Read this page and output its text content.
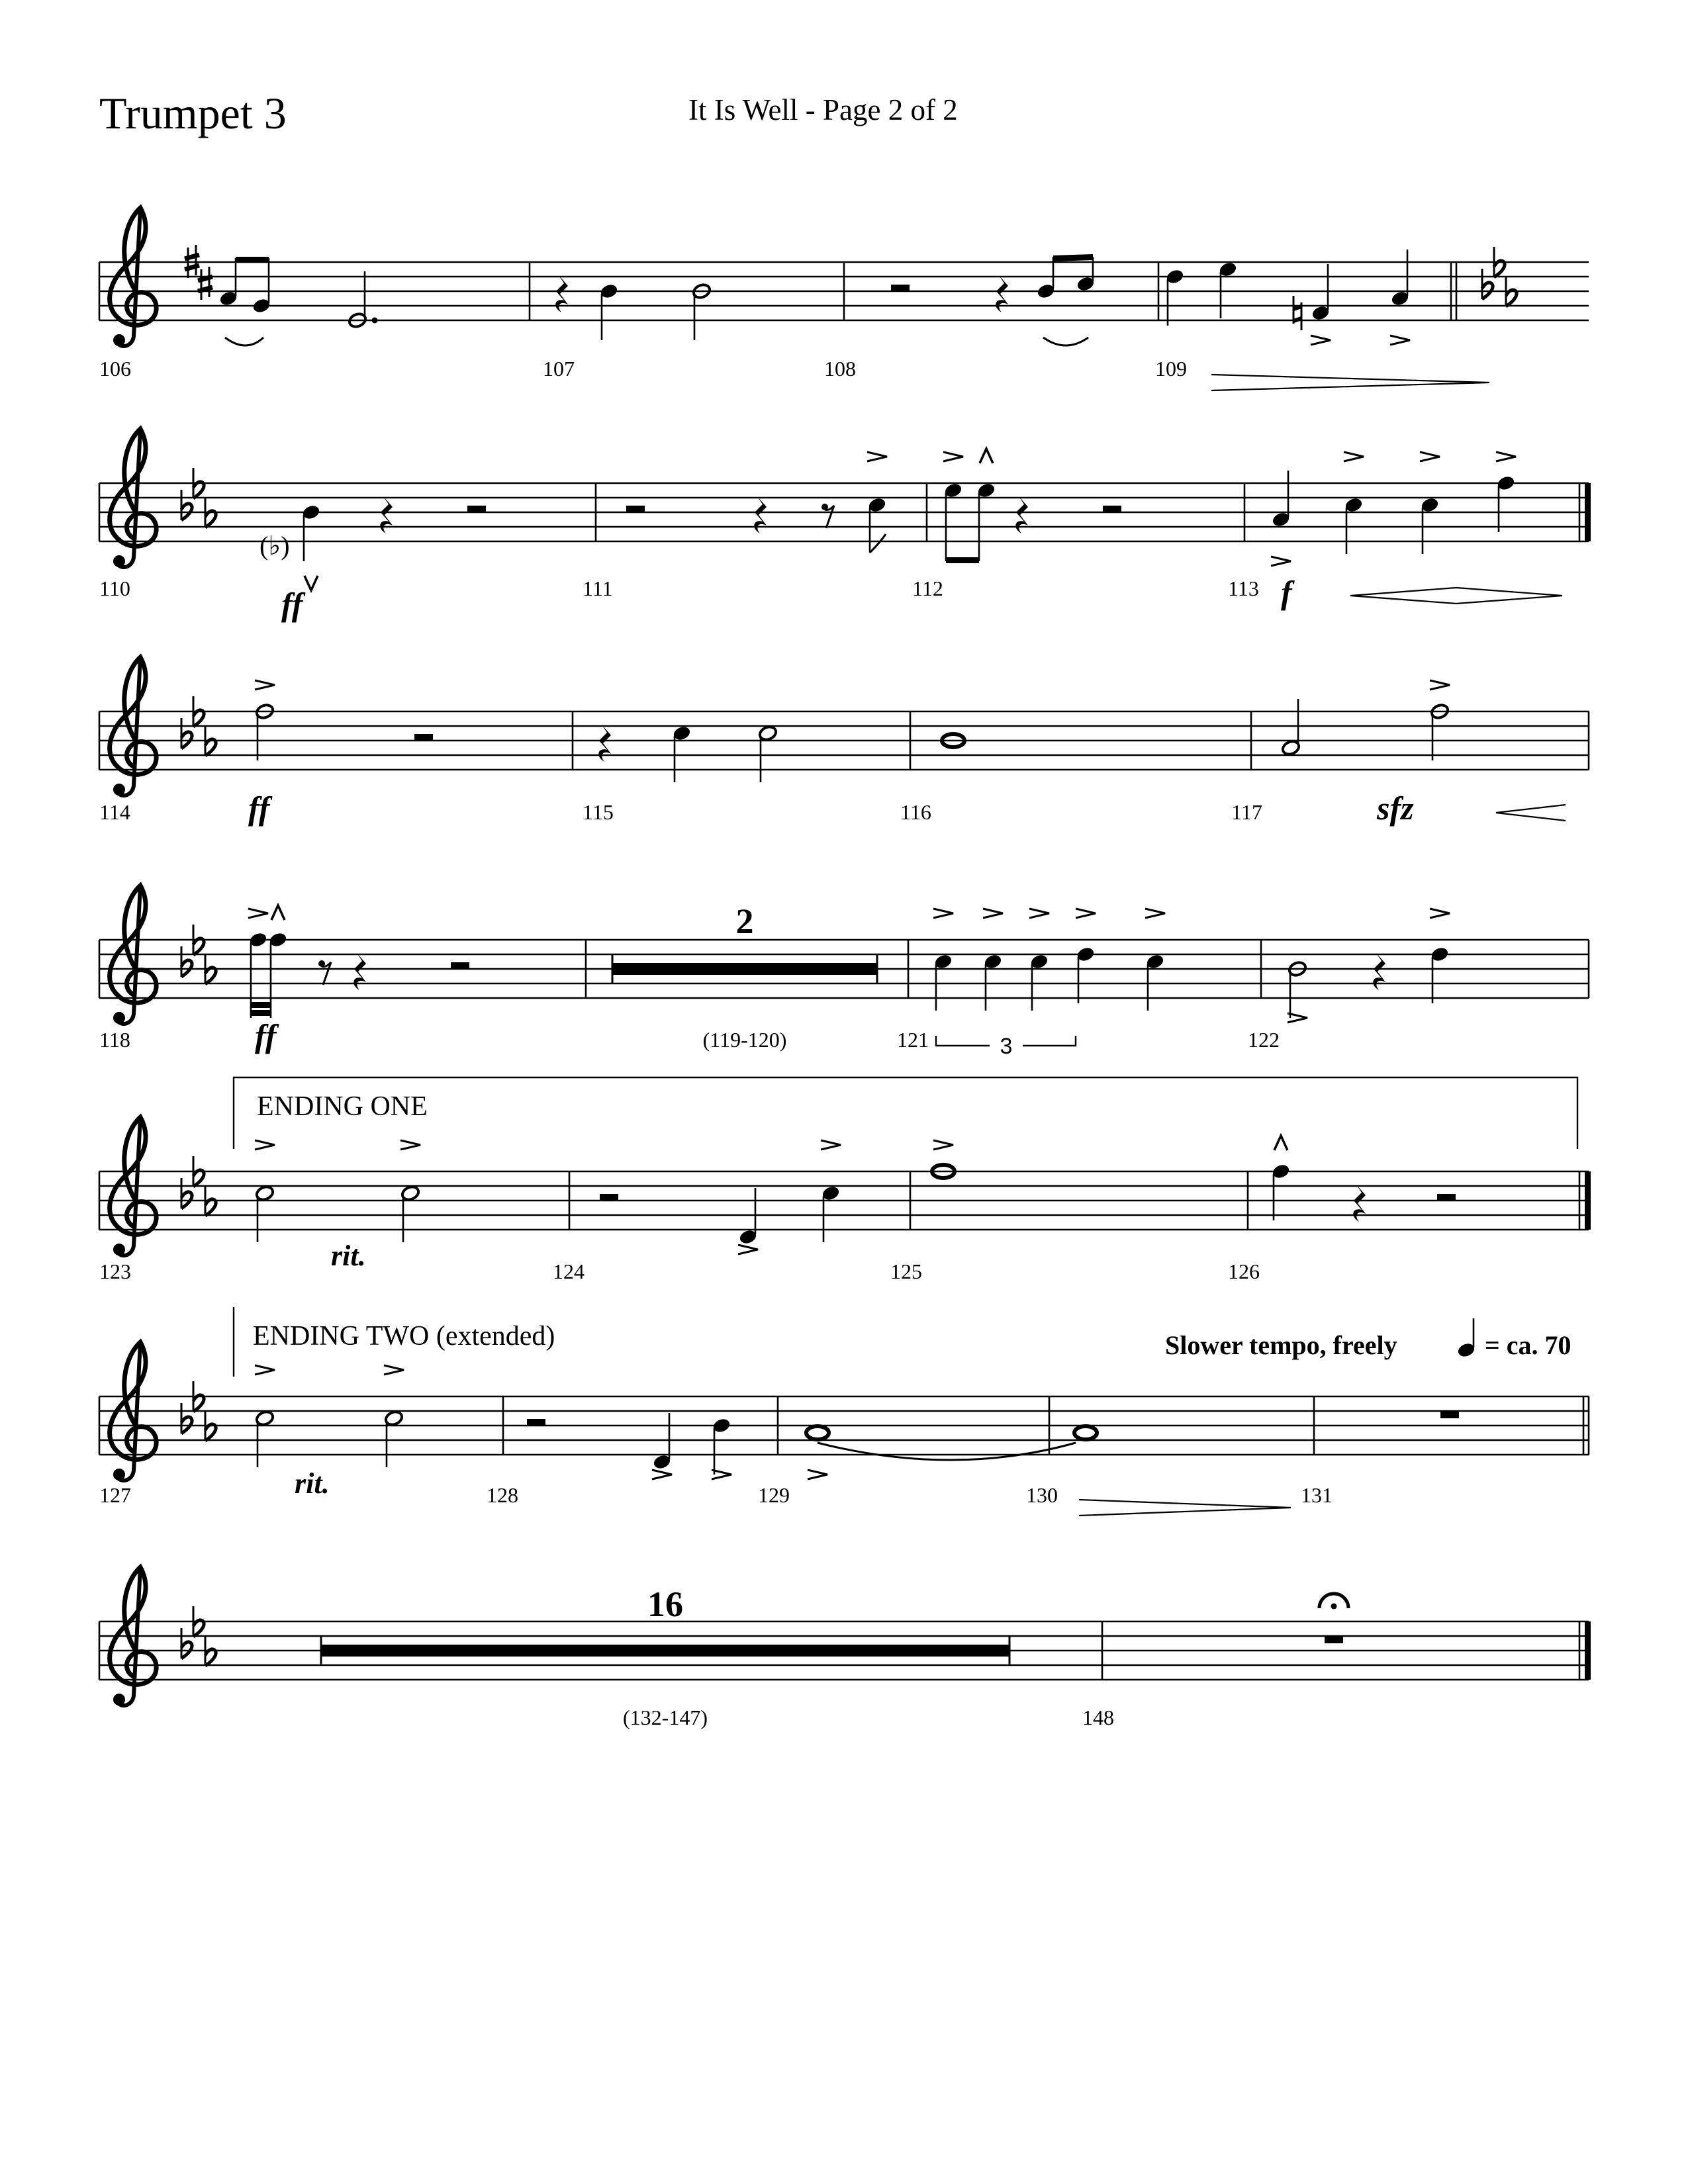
Trumpet 3	It Is Well - Page 2 of 2
106	107	108	109
(♭)
110	111	112	113
ff	f
114	115	116	117
ff	sfz
2
3
118	(119-120)	121	122
ff
ENDING ONE
123	124	125	126
rit.
ENDING TWO (extended)	Slower tempo, freely	= ca. 70
127	128	129	130	131
rit.
16
(132-147)	148
